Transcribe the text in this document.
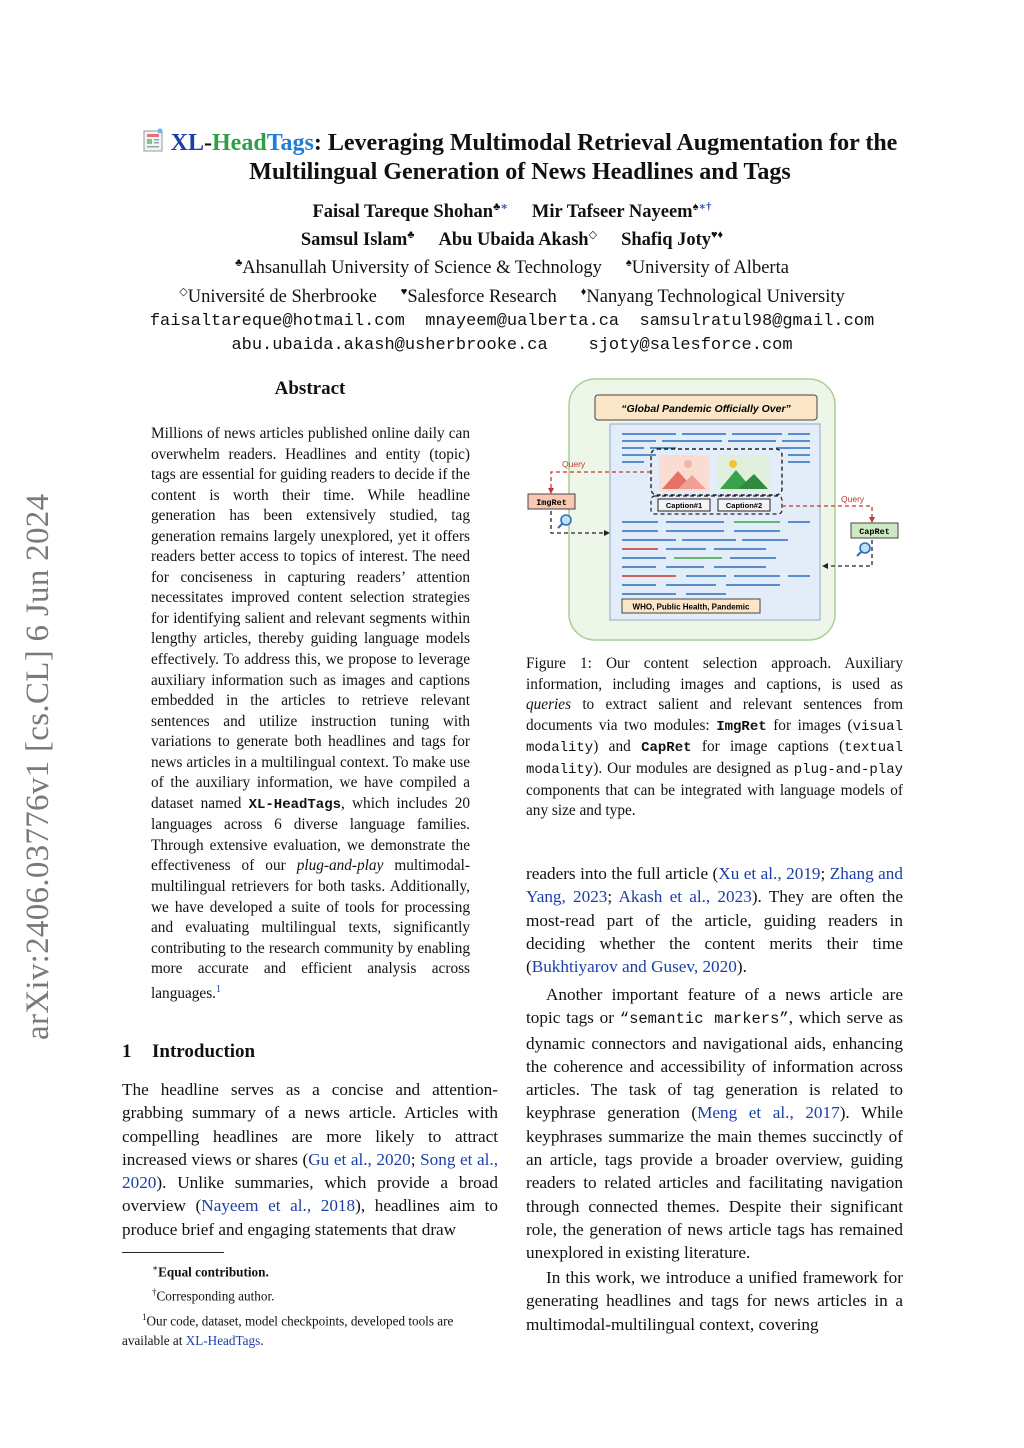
arXiv:2406.03776v1 [cs.CL] 6 Jun 2024
XL-HeadTags: Leveraging Multimodal Retrieval Augmentation for the
Multilingual Generation of News Headlines and Tags
Faisal Tareque Shohan♣∗ Mir Tafseer Nayeem♠∗†
Samsul Islam♣ Abu Ubaida Akash◇ Shafiq Joty♥♦
♣Ahsanullah University of Science & Technology ♠University of Alberta
◇Université de Sherbrooke ♥Salesforce Research ♦Nanyang Technological University
faisaltareque@hotmail.com mnayeem@ualberta.ca samsulratul98@gmail.com
abu.ubaida.akash@usherbrooke.ca sjoty@salesforce.com
Abstract
Millions of news articles published online daily can overwhelm readers. Headlines and entity (topic) tags are essential for guiding readers to decide if the content is worth their time. While headline generation has been extensively studied, tag generation remains largely unexplored, yet it offers readers better access to topics of interest. The need for conciseness in capturing readers’ attention necessitates improved content selection strategies for identifying salient and relevant segments within lengthy articles, thereby guiding language models effectively. To address this, we propose to leverage auxiliary information such as images and captions embedded in the articles to retrieve relevant sentences and utilize instruction tuning with variations to generate both headlines and tags for news articles in a multilingual context. To make use of the auxiliary information, we have compiled a dataset named XL-HeadTags, which includes 20 languages across 6 diverse language families. Through extensive evaluation, we demonstrate the effectiveness of our plug-and-play multimodal-multilingual retrievers for both tasks. Additionally, we have developed a suite of tools for processing and evaluating multilingual texts, significantly contributing to the research community by enabling more accurate and efficient analysis across languages.$^1$
1 Introduction
The headline serves as a concise and attention-grabbing summary of a news article. Articles with compelling headlines are more likely to attract increased views or shares (Gu et al., 2020; Song et al., 2020). Unlike summaries, which provide a broad overview (Nayeem et al., 2018), headlines aim to produce brief and engaging statements that draw
∗Equal contribution.
†Corresponding author.
$^1$Our code, dataset, model checkpoints, developed tools are available at XL-HeadTags.
“Global Pandemic Officially Over”
Caption#1	Caption#2
WHO, Public Health, Pandemic
ImgRet
Query
CapRet
Query
Figure 1: Our content selection approach. Auxiliary information, including images and captions, is used as queries to extract salient and relevant sentences from documents via two modules: ImgRet for images (visual modality) and CapRet for image captions (textual modality). Our modules are designed as plug-and-play components that can be integrated with language models of any size and type.
readers into the full article (Xu et al., 2019; Zhang and Yang, 2023; Akash et al., 2023). They are often the most-read part of the article, guiding readers in deciding whether the content merits their time (Bukhtiyarov and Gusev, 2020).
Another important feature of a news article are topic tags or “semantic markers”, which serve as dynamic connectors and navigational aids, enhancing the coherence and accessibility of information across articles. The task of tag generation is related to keyphrase generation (Meng et al., 2017). While keyphrases summarize the main themes succinctly of an article, tags provide a broader overview, guiding readers to related articles and facilitating navigation through connected themes. Despite their significant role, the generation of news article tags has remained unexplored in existing literature.
In this work, we introduce a unified framework for generating headlines and tags for news articles in a multimodal-multilingual context, covering
